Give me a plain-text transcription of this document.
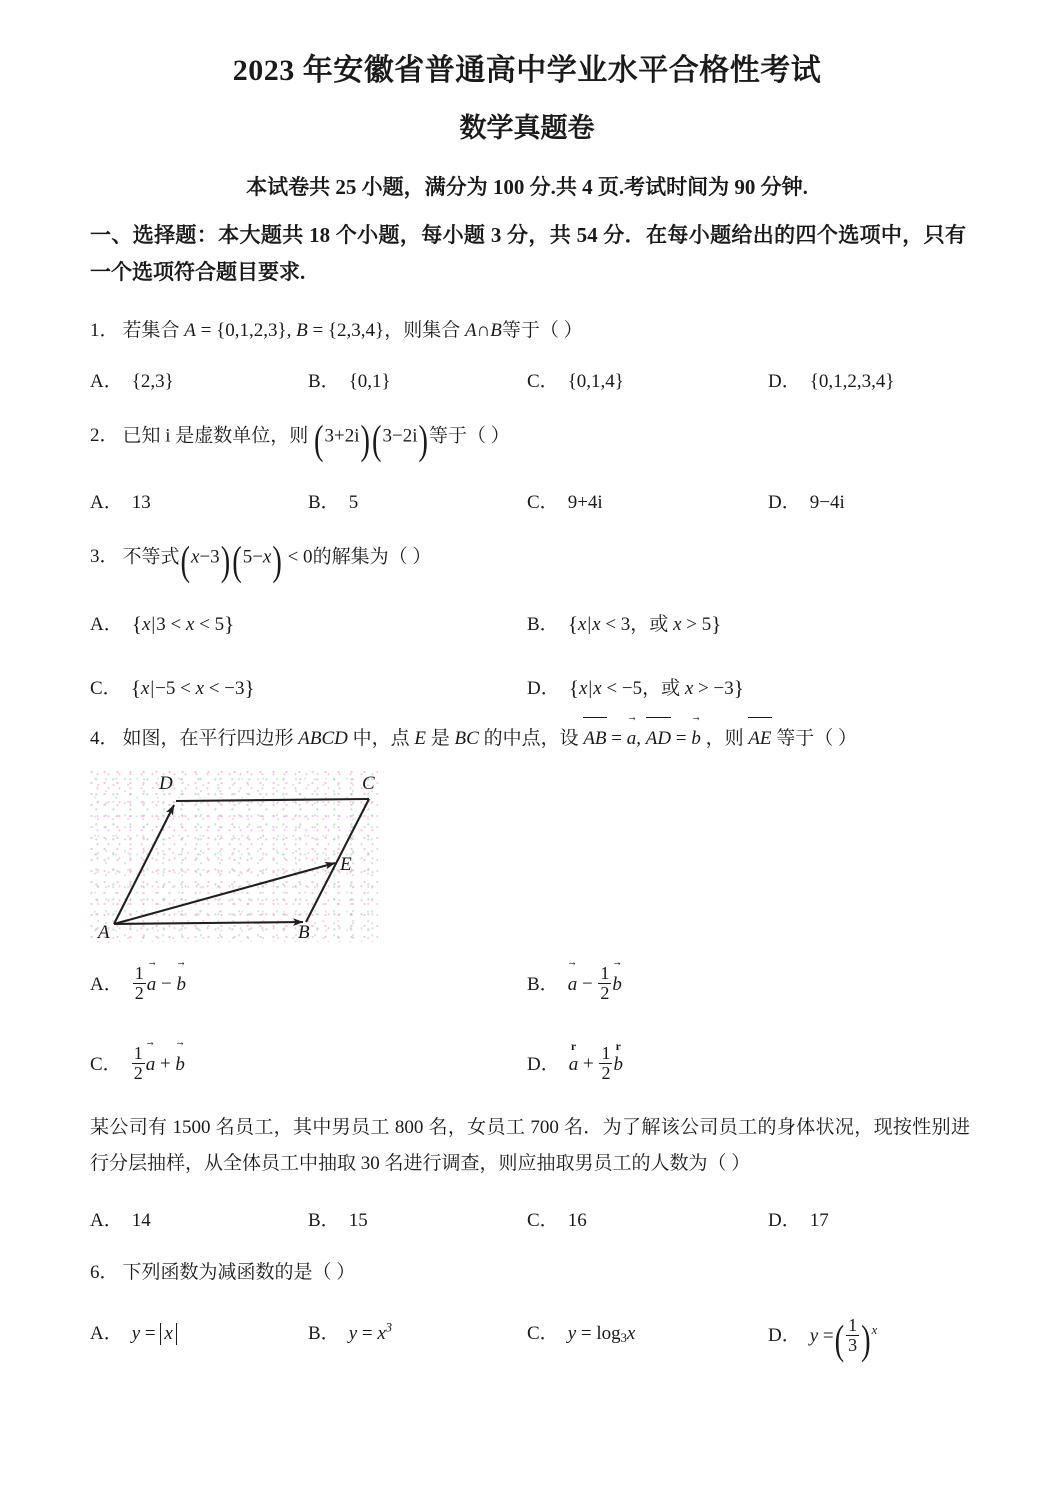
2023 年安徽省普通高中学业水平合格性考试
数学真题卷

本试卷共 25 小题，满分为 100 分.共 4 页.考试时间为 90 分钟.

一、选择题：本大题共 18 个小题，每小题 3 分，共 54 分．在每小题给出的四个选项中，只有一个选项符合题目要求.

1． 若集合 A = {0,1,2,3}, B = {2,3,4}，则集合 A∩B等于（ ）
A． {2,3}	B． {0,1}	C． {0,1,4}	D． {0,1,2,3,4}
2． 已知 i 是虚数单位，则 (3+2i)(3−2i)等于（ ）
A． 13	B． 5	C． 9+4i	D． 9−4i
3． 不等式(x−3)(5−x) < 0的解集为（ ）
A． {x|3 < x < 5}	B． {x|x < 3，或 x > 5}
C． {x|−5 < x < −3}	D． {x|x < −5，或 x > −3}
4． 如图，在平行四边形 ABCD 中，点 E 是 BC 的中点，设 AB = a →, AD = b → ，则 AE 等于（ ）
A	B
C
D
E
A． $\frac{1}{2}$ a → − b →	B． a → − $\frac{1}{2}$ b →
C． $\frac{1}{2}$ a → + b →	D． a $r + \frac{1}{2}$ b r
某公司有 1500 名员工，其中男员工 800 名，女员工 700 名．为了解该公司员工的身体状况，现按性别进行分层抽样，从全体员工中抽取 30 名进行调查，则应抽取男员工的人数为（ ）
A． 14	B． 15	C． 16	D． 17
6． 下列函数为减函数的是（ ）
A． y = x	B． $y = x^3$	C． $y = \log_3x$	D． y =( $\frac{1}{3} )^x$
